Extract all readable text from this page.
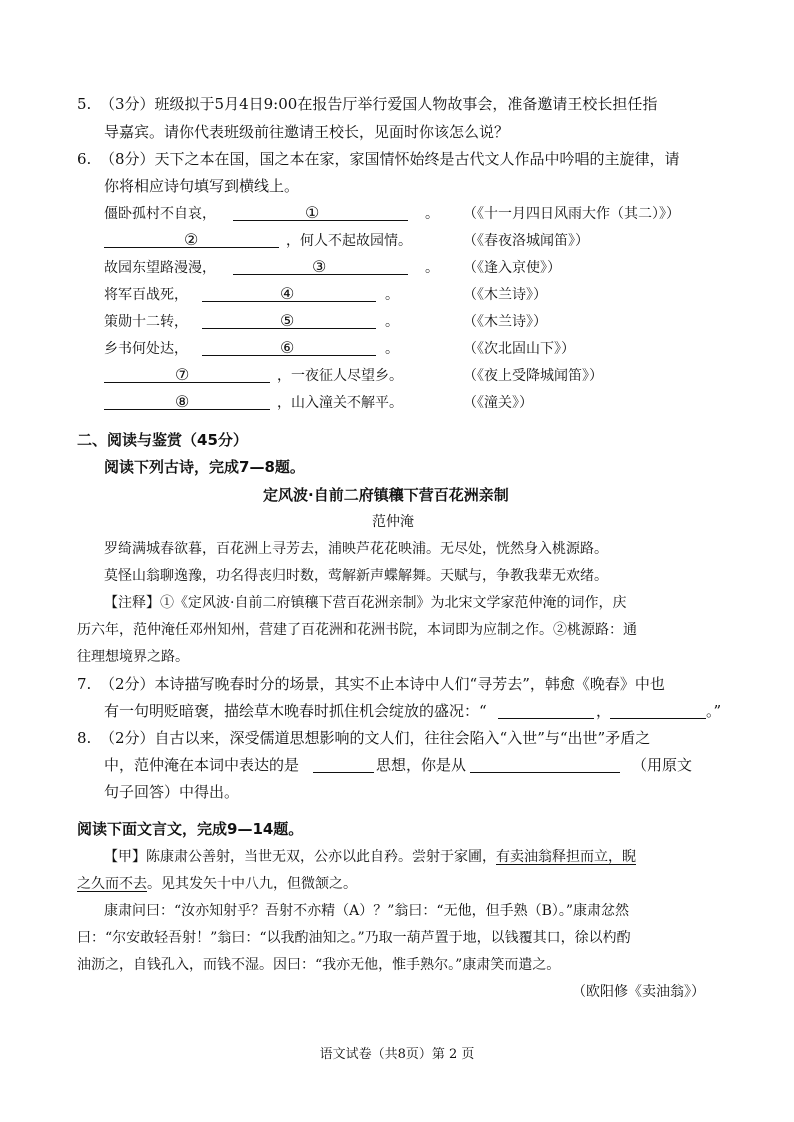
5. （3分）班级拟于5月4日9:00在报告厅举行爱国人物故事会，准备邀请王校长担任指
导嘉宾。请你代表班级前往邀请王校长，见面时你该怎么说？
6. （8分）天下之本在国，国之本在家，家国情怀始终是古代文人作品中吟唱的主旋律，请
你将相应诗句填写到横线上。
僵卧孤村不自哀，	①	。 （《十一月四日风雨大作（其二）》）
②	，何人不起故园情。	（《春夜洛城闻笛》）
故园东望路漫漫，	③	。 （《逢入京使》）
将军百战死，	④	。	（《木兰诗》）
策勋十二转，	⑤	。	（《木兰诗》）
乡书何处达，	⑥	。	（《次北固山下》）
⑦	，一夜征人尽望乡。	（《夜上受降城闻笛》）
⑧	，山入潼关不解平。	（《潼关》）
二、阅读与鉴赏（45分）
阅读下列古诗，完成7—8题。
定风波·自前二府镇穰下营百花洲亲制
范仲淹
罗绮满城春欲暮，百花洲上寻芳去，浦映芦花花映浦。无尽处，恍然身入桃源路。
莫怪山翁聊逸豫，功名得丧归时数，莺解新声蝶解舞。天赋与，争教我辈无欢绪。
【注释】①《定风波·自前二府镇穰下营百花洲亲制》为北宋文学家范仲淹的词作，庆
历六年，范仲淹任邓州知州，营建了百花洲和花洲书院，本词即为应制之作。②桃源路：通
往理想境界之路。
7. （2分）本诗描写晚春时分的场景，其实不止本诗中人们“寻芳去”，韩愈《晚春》中也
有一句明贬暗褒，描绘草木晚春时抓住机会绽放的盛况：“	，	。”
8. （2分）自古以来，深受儒道思想影响的文人们，往往会陷入“入世”与“出世”矛盾之
中，范仲淹在本词中表达的是	思想，你是从	（用原文
句子回答）中得出。
阅读下面文言文，完成9—14题。
【甲】陈康肃公善射，当世无双，公亦以此自矜。尝射于家圃，有卖油翁释担而立，睨
之久而不去。见其发矢十中八九，但微颔之。
康肃问曰：“汝亦知射乎？吾射不亦精（A）？”翁曰：“无他，但手熟（B）。”康肃忿然
曰：“尔安敢轻吾射！”翁曰：“以我酌油知之。”乃取一葫芦置于地，以钱覆其口，徐以杓酌
油沥之，自钱孔入，而钱不湿。因曰：“我亦无他，惟手熟尔。”康肃笑而遣之。
（欧阳修《卖油翁》）
语文试卷（共8页）第 2 页
